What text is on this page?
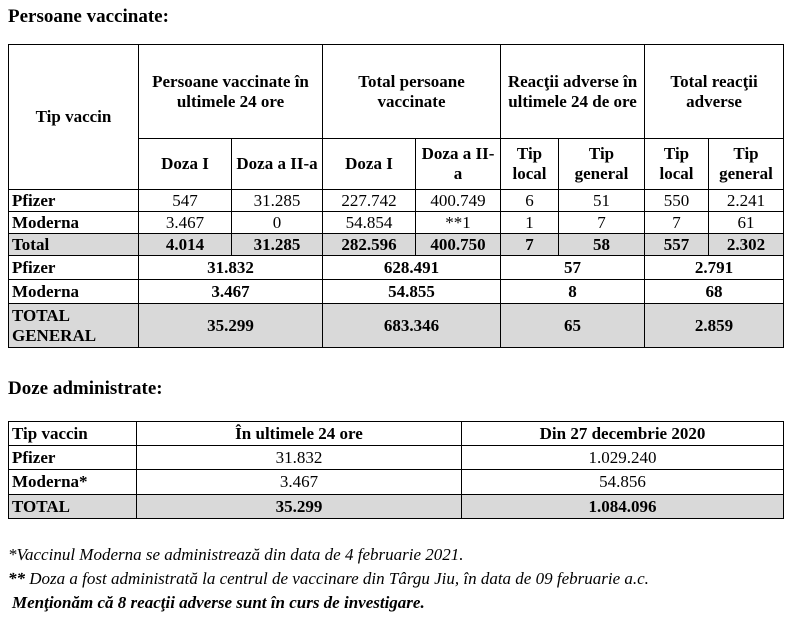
Persoane vaccinate:
Tip vaccin	Persoane vaccinate în ultimele 24 ore		Total persoane vaccinate		Reacţii adverse în ultimele 24 de ore		Total reacţii adverse	
	Doza I	Doza a II-a	Doza I	Doza a II-a	Tip local	Tip general	Tip local	Tip general
Pfizer	547	31.285	227.742	400.749	6	51	550	2.241
Moderna	3.467	0	54.854	**1	1	7	7	61
Total	4.014	31.285	282.596	400.750	7	58	557	2.302
Pfizer	31.832		628.491		57		2.791	
Moderna	3.467		54.855		8		68	
TOTAL GENERAL	35.299		683.346		65		2.859	
Doze administrate:
Tip vaccin	În ultimele 24 ore	Din 27 decembrie 2020
Pfizer	31.832	1.029.240
Moderna*	3.467	54.856
TOTAL	35.299	1.084.096
*Vaccinul Moderna se administrează din data de 4 februarie 2021.
** Doza a fost administrată la centrul de vaccinare din Târgu Jiu, în data de 09 februarie a.c.
Menţionăm că 8 reacţii adverse sunt în curs de investigare.
